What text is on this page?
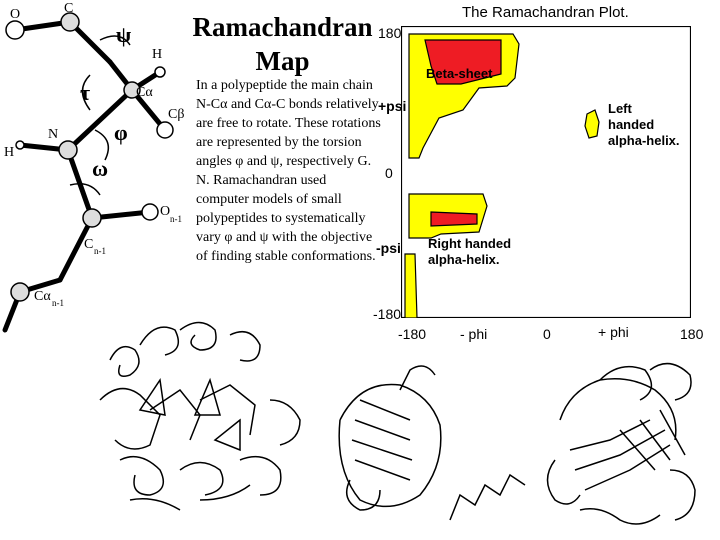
O	C
H
Cα
Cβ
N
H
O n-1
C n-1
Cα n-1
ψ
τ
φ
ω
Ramachandran
Map
In a polypeptide the main chain N-Cα and Cα-C bonds relatively are free to rotate. These rotations are represented by the torsion angles φ and ψ, respectively G. N. Ramachandran used computer models of small polypeptides to systematically vary φ and ψ with the objective of finding stable conformations.
The Ramachandran Plot.
180
0
-180
+psi
-psi
-180 - phi	0	+ phi	180
Beta-sheet
Left
handed
alpha-helix.
Right handed
alpha-helix.
